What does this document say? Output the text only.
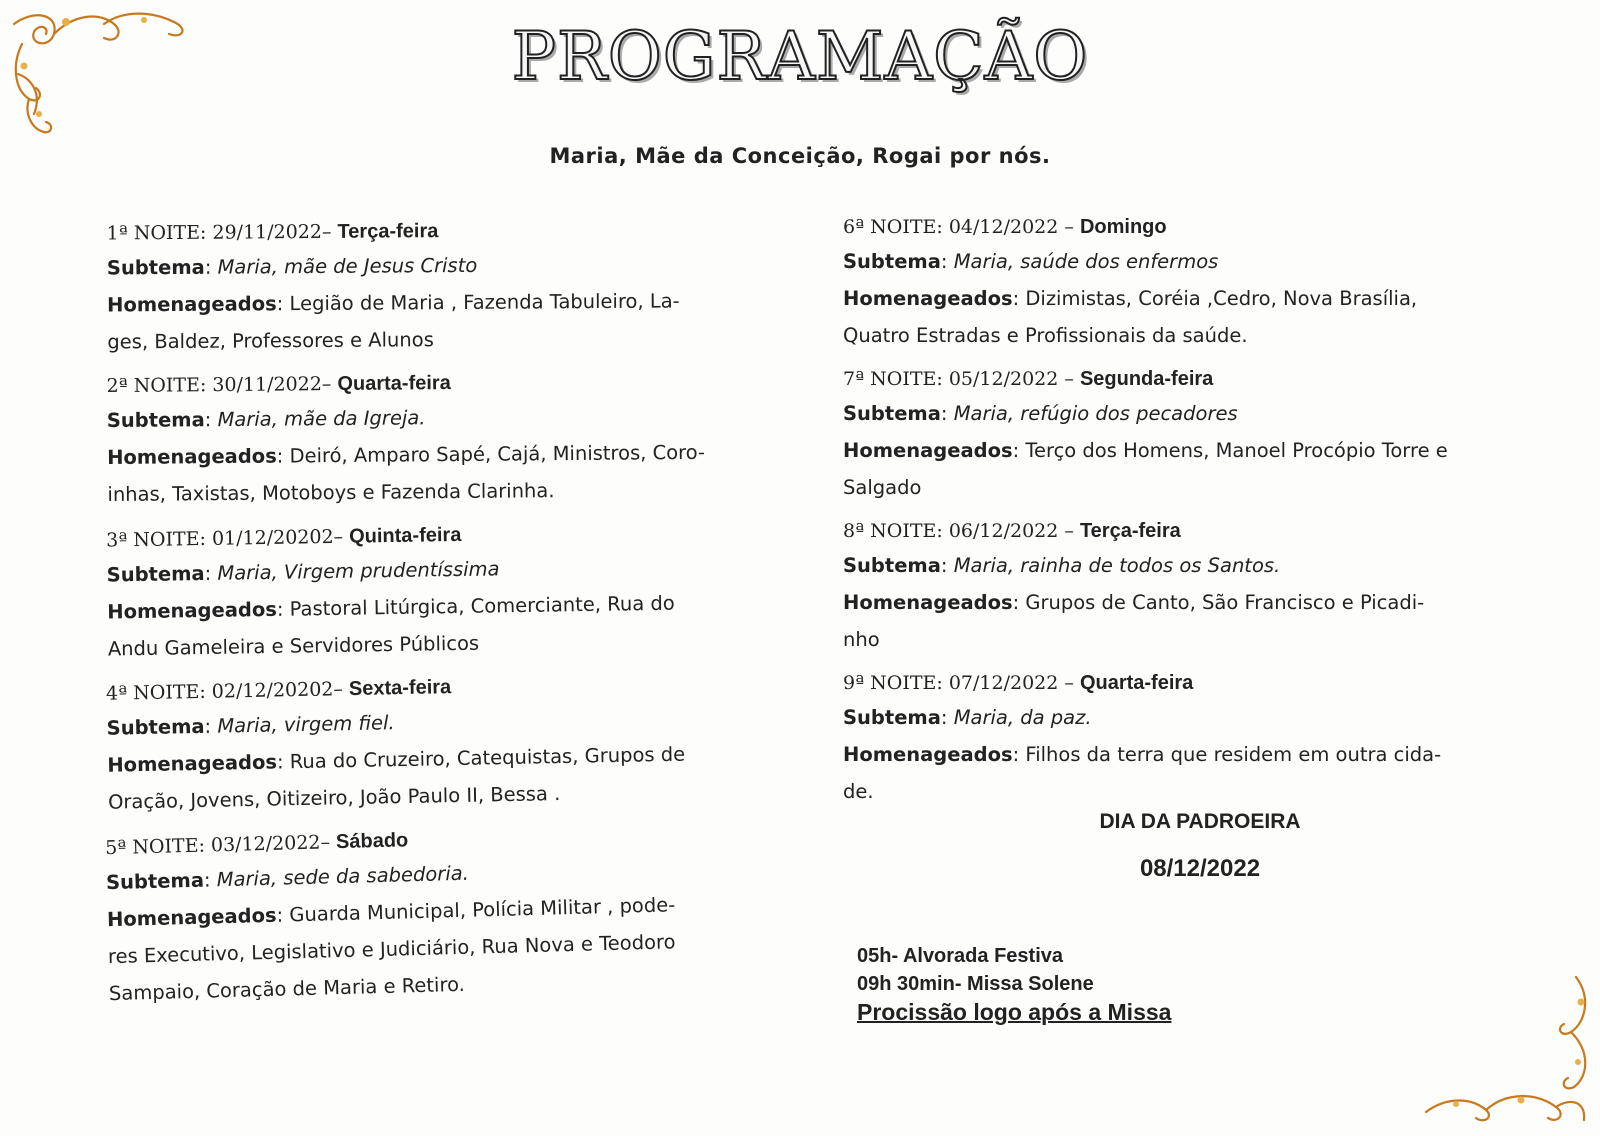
PROGRAMAÇÃO
Maria, Mãe da Conceição, Rogai por nós.
1ª NOITE: 29/11/2022– Terça-feira
Subtema: Maria, mãe de Jesus Cristo
Homenageados: Legião de Maria , Fazenda Tabuleiro, La-
ges, Baldez, Professores e Alunos
2ª NOITE: 30/11/2022– Quarta-feira
Subtema: Maria, mãe da Igreja.
Homenageados: Deiró, Amparo Sapé, Cajá, Ministros, Coro-
inhas, Taxistas, Motoboys e Fazenda Clarinha.
3ª NOITE: 01/12/20202– Quinta-feira
Subtema: Maria, Virgem prudentíssima
Homenageados: Pastoral Litúrgica, Comerciante, Rua do
Andu Gameleira e Servidores Públicos
4ª NOITE: 02/12/20202– Sexta-feira
Subtema: Maria, virgem fiel.
Homenageados: Rua do Cruzeiro, Catequistas, Grupos de
Oração, Jovens, Oitizeiro, João Paulo II, Bessa .
5ª NOITE: 03/12/2022– Sábado
Subtema: Maria, sede da sabedoria.
Homenageados: Guarda Municipal, Polícia Militar , pode-
res Executivo, Legislativo e Judiciário, Rua Nova e Teodoro
Sampaio, Coração de Maria e Retiro.
6ª NOITE: 04/12/2022 – Domingo
Subtema: Maria, saúde dos enfermos
Homenageados: Dizimistas, Coréia ,Cedro, Nova Brasília,
Quatro Estradas e Profissionais da saúde.
7ª NOITE: 05/12/2022 – Segunda-feira
Subtema: Maria, refúgio dos pecadores
Homenageados: Terço dos Homens, Manoel Procópio Torre e
Salgado
8ª NOITE: 06/12/2022 – Terça-feira
Subtema: Maria, rainha de todos os Santos.
Homenageados: Grupos de Canto, São Francisco e Picadi-
nho
9ª NOITE: 07/12/2022 – Quarta-feira
Subtema: Maria, da paz.
Homenageados: Filhos da terra que residem em outra cida-
de.
DIA DA PADROEIRA
08/12/2022
05h- Alvorada Festiva
09h 30min- Missa Solene
Procissão logo após a Missa
